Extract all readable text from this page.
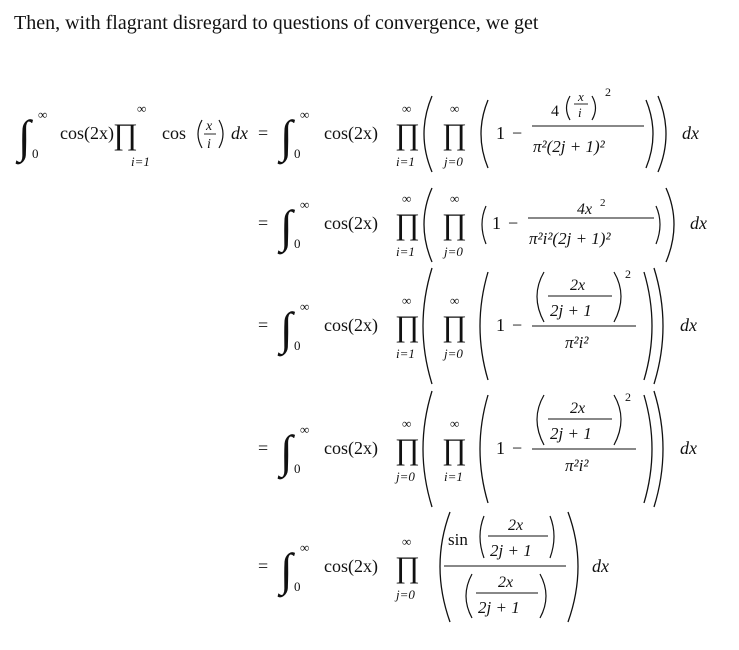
Then, with flagrant disregard to questions of convergence, we get
∫ ∞
0
cos(2x) ∏
∞
i=1
cos x
i
dx = ∫ ∞
0
cos(2x) ∏
∞
i=1
∏
∞
j=0
1 −
4
x
i
2
π²(2j + 1)²
dx
= ∫ ∞
0
cos(2x) ∏
∞
i=1
∏
∞
j=0
1 −
4x 2
π²i²(2j + 1)²
dx
= ∫ ∞
0
cos(2x) ∏
∞
i=1
∏
∞
j=0
1 −
2x
2j + 1
2
π²i²
dx
= ∫ ∞
0
cos(2x) ∏
∞
j=0
∏
∞
i=1
1 −
2x
2j + 1
2
π²i²
dx
= ∫ ∞
0
cos(2x) ∏
∞
j=0
sin
2x
2j + 1
2x
2j + 1
dx
